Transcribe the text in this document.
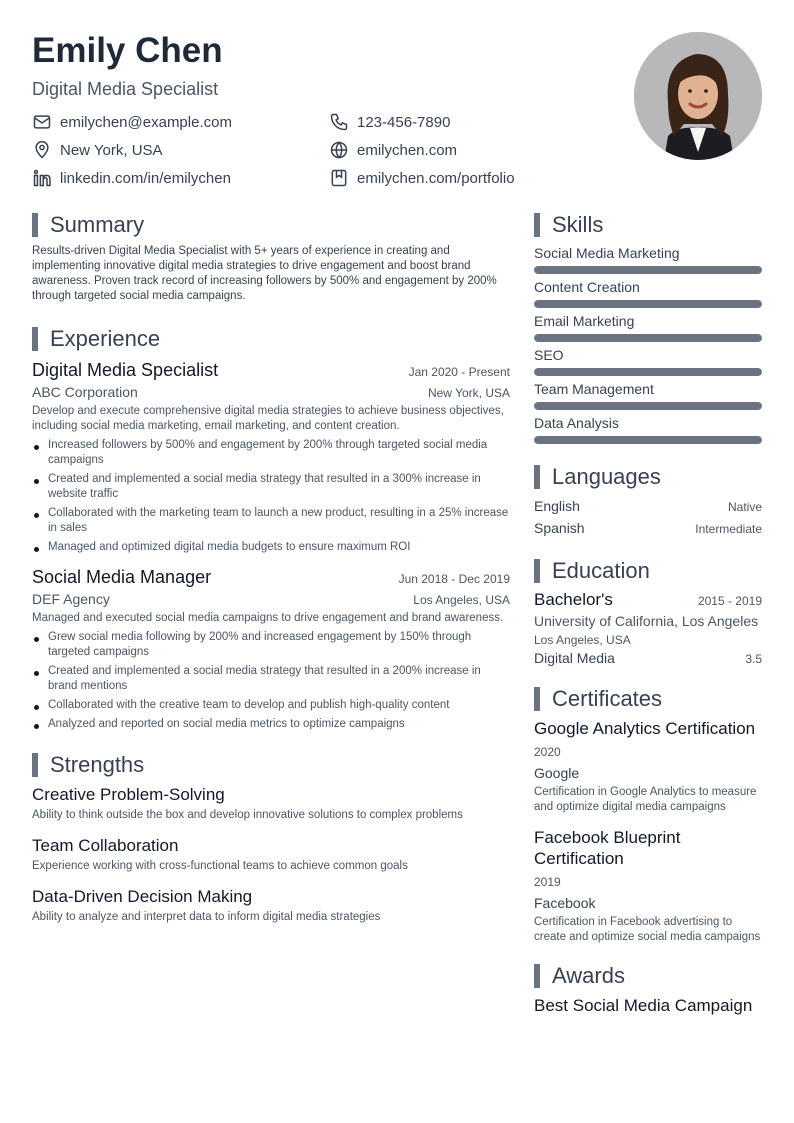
Emily Chen
Digital Media Specialist
emilychen@example.com	123-456-7890
New York, USA	emilychen.com
linkedin.com/in/emilychen	emilychen.com/portfolio
Summary
Results-driven Digital Media Specialist with 5+ years of experience in creating and implementing innovative digital media strategies to drive engagement and boost brand awareness. Proven track record of increasing followers by 500% and engagement by 200% through targeted social media campaigns.
Experience
Digital Media Specialist	Jan 2020 - Present
ABC Corporation	New York, USA
Develop and execute comprehensive digital media strategies to achieve business objectives, including social media marketing, email marketing, and content creation.
Increased followers by 500% and engagement by 200% through targeted social media campaigns
Created and implemented a social media strategy that resulted in a 300% increase in website traffic
Collaborated with the marketing team to launch a new product, resulting in a 25% increase in sales
Managed and optimized digital media budgets to ensure maximum ROI
Social Media Manager	Jun 2018 - Dec 2019
DEF Agency	Los Angeles, USA
Managed and executed social media campaigns to drive engagement and brand awareness.
Grew social media following by 200% and increased engagement by 150% through targeted campaigns
Created and implemented a social media strategy that resulted in a 200% increase in brand mentions
Collaborated with the creative team to develop and publish high-quality content
Analyzed and reported on social media metrics to optimize campaigns
Strengths
Creative Problem-Solving
Ability to think outside the box and develop innovative solutions to complex problems
Team Collaboration
Experience working with cross-functional teams to achieve common goals
Data-Driven Decision Making
Ability to analyze and interpret data to inform digital media strategies
Skills
Social Media Marketing
Content Creation
Email Marketing
SEO
Team Management
Data Analysis
Languages
English	Native
Spanish	Intermediate
Education
Bachelor's	2015 - 2019
University of California, Los Angeles
Los Angeles, USA
Digital Media	3.5
Certificates
Google Analytics Certification
2020
Google
Certification in Google Analytics to measure and optimize digital media campaigns
Facebook Blueprint Certification
2019
Facebook
Certification in Facebook advertising to create and optimize social media campaigns
Awards
Best Social Media Campaign
